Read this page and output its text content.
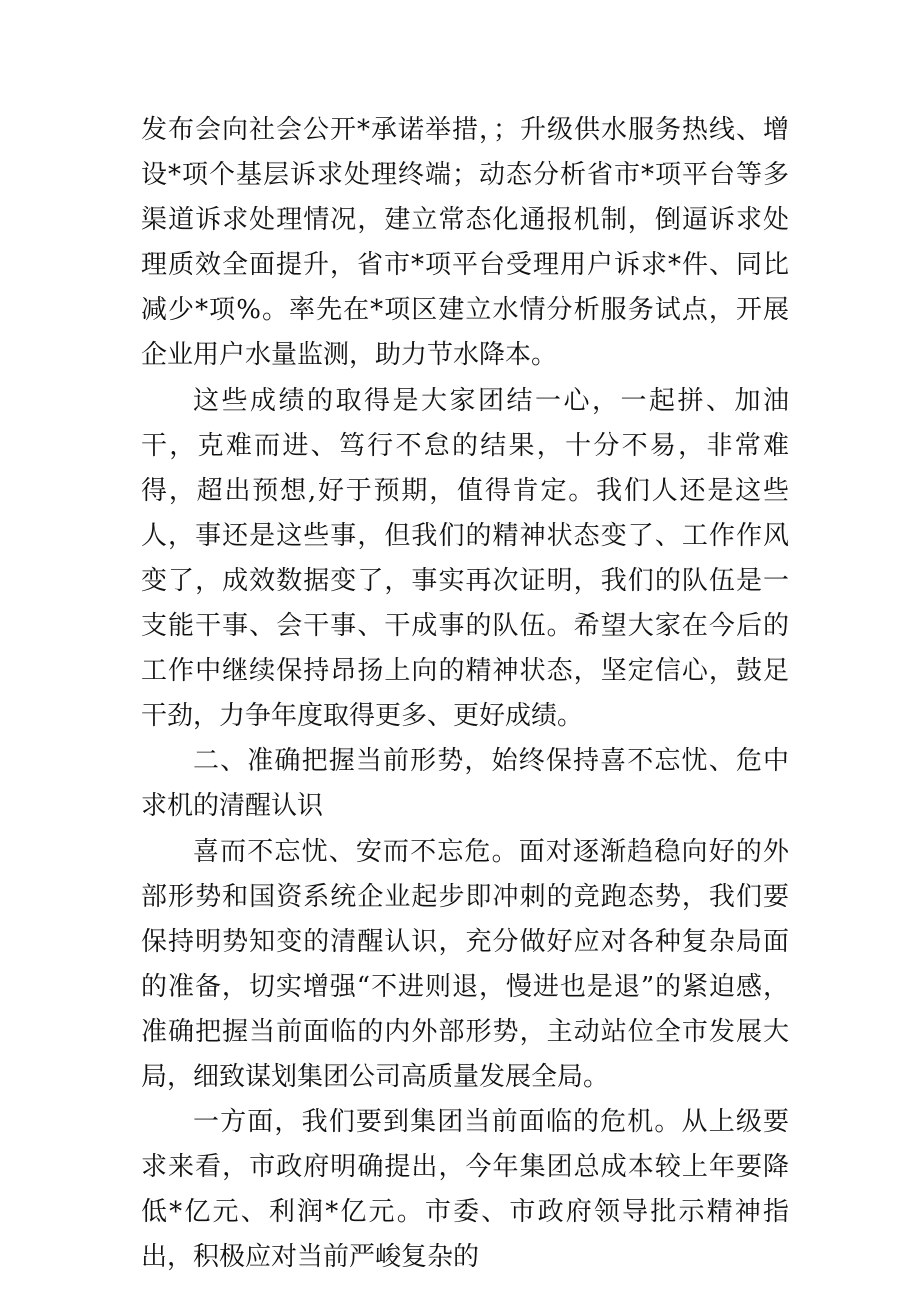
发布会向社会公开*承诺举措，；升级供水服务热线、增设*项个基层诉求处理终端；动态分析省市*项平台等多渠道诉求处理情况，建立常态化通报机制，倒逼诉求处理质效全面提升，省市*项平台受理用户诉求*件、同比减少*项%。率先在*项区建立水情分析服务试点，开展企业用户水量监测，助力节水降本。

这些成绩的取得是大家团结一心，一起拼、加油干，克难而进、笃行不怠的结果，十分不易，非常难得，超出预想,好于预期，值得肯定。我们人还是这些人，事还是这些事，但我们的精神状态变了、工作作风变了，成效数据变了，事实再次证明，我们的队伍是一支能干事、会干事、干成事的队伍。希望大家在今后的工作中继续保持昂扬上向的精神状态，坚定信心，鼓足干劲，力争年度取得更多、更好成绩。

二、准确把握当前形势，始终保持喜不忘忧、危中求机的清醒认识

喜而不忘忧、安而不忘危。面对逐渐趋稳向好的外部形势和国资系统企业起步即冲刺的竞跑态势，我们要保持明势知变的清醒认识，充分做好应对各种复杂局面的准备，切实增强“不进则退，慢进也是退”的紧迫感，准确把握当前面临的内外部形势，主动站位全市发展大局，细致谋划集团公司高质量发展全局。

一方面，我们要到集团当前面临的危机。从上级要求来看，市政府明确提出，今年集团总成本较上年要降低*亿元、利润*亿元。市委、市政府领导批示精神指出，积极应对当前严峻复杂的
